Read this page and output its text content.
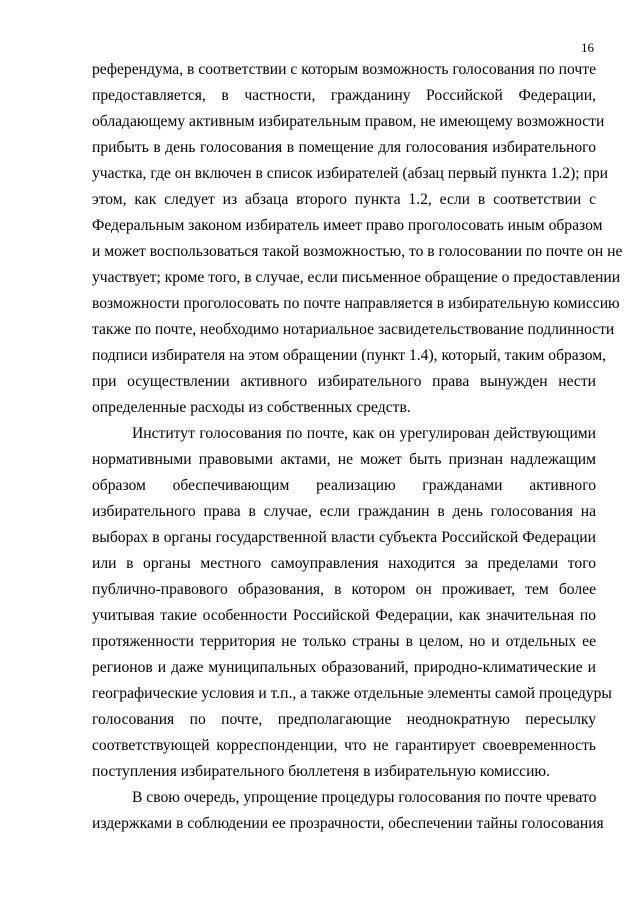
16
референдума, в соответствии с которым возможность голосования по почте
предоставляется, в частности, гражданину Российской Федерации,
обладающему активным избирательным правом, не имеющему возможности
прибыть в день голосования в помещение для голосования избирательного
участка, где он включен в список избирателей (абзац первый пункта 1.2); при
этом, как следует из абзаца второго пункта 1.2, если в соответствии с
Федеральным законом избиратель имеет право проголосовать иным образом
и может воспользоваться такой возможностью, то в голосовании по почте он не
участвует; кроме того, в случае, если письменное обращение о предоставлении
возможности проголосовать по почте направляется в избирательную комиссию
также по почте, необходимо нотариальное засвидетельствование подлинности
подписи избирателя на этом обращении (пункт 1.4), который, таким образом,
при осуществлении активного избирательного права вынужден нести
определенные расходы из собственных средств.
Институт голосования по почте, как он урегулирован действующими
нормативными правовыми актами, не может быть признан надлежащим
образом обеспечивающим реализацию гражданами активного
избирательного права в случае, если гражданин в день голосования на
выборах в органы государственной власти субъекта Российской Федерации
или в органы местного самоуправления находится за пределами того
публично-правового образования, в котором он проживает, тем более
учитывая такие особенности Российской Федерации, как значительная по
протяженности территория не только страны в целом, но и отдельных ее
регионов и даже муниципальных образований, природно-климатические и
географические условия и т.п., а также отдельные элементы самой процедуры
голосования по почте, предполагающие неоднократную пересылку
соответствующей корреспонденции, что не гарантирует своевременность
поступления избирательного бюллетеня в избирательную комиссию.
В свою очередь, упрощение процедуры голосования по почте чревато
издержками в соблюдении ее прозрачности, обеспечении тайны голосования
